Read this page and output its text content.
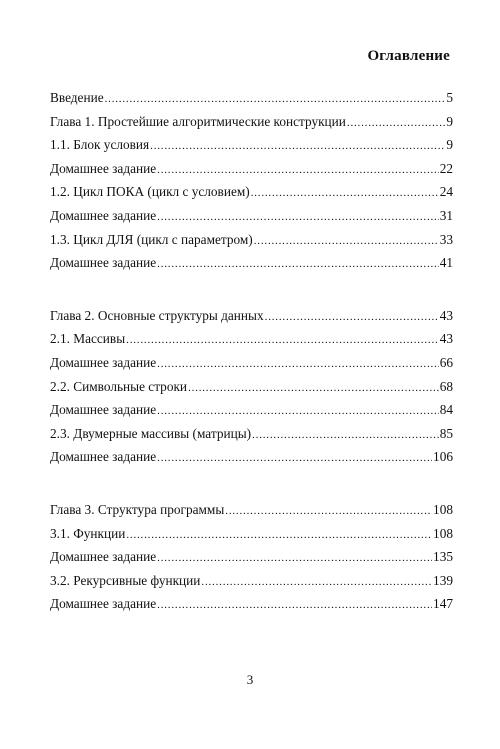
Оглавление
Введение .....	5
Глава 1. Простейшие алгоритмические конструкции .....	9
1.1. Блок условия .....	9
Домашнее задание .....	22
1.2. Цикл ПОКА (цикл с условием) .....	24
Домашнее задание .....	31
1.3. Цикл ДЛЯ (цикл с параметром) .....	33
Домашнее задание .....	41
Глава 2. Основные структуры данных .....	43
2.1. Массивы .....	43
Домашнее задание .....	66
2.2. Символьные строки .....	68
Домашнее задание .....	84
2.3. Двумерные массивы (матрицы) .....	85
Домашнее задание .....	106
Глава 3. Структура программы .....	108
3.1. Функции .....	108
Домашнее задание .....	135
3.2. Рекурсивные функции .....	139
Домашнее задание .....	147
3
